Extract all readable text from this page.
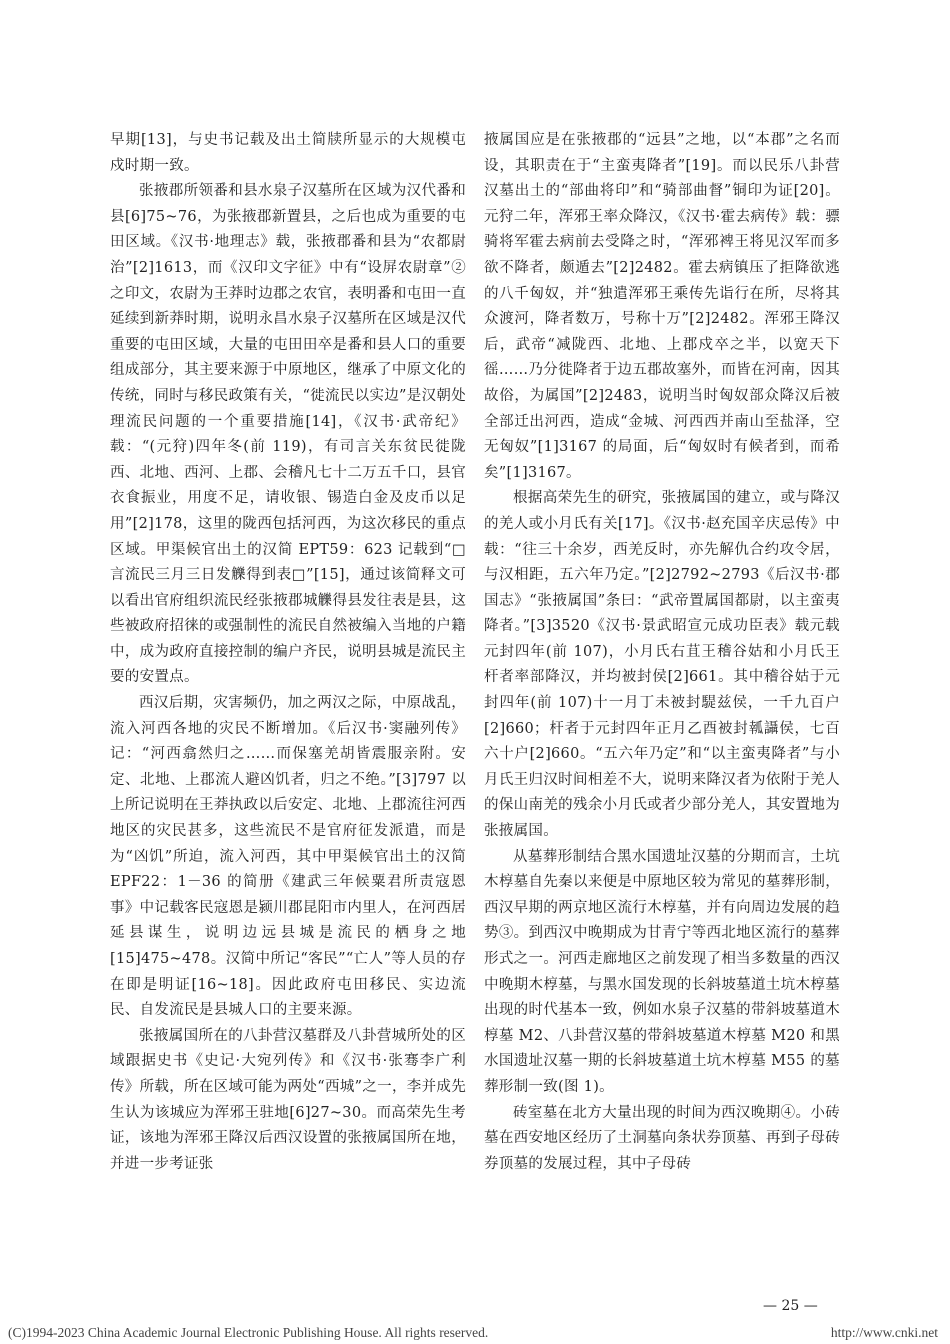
早期[13]，与史书记载及出土简牍所显示的大规模屯戍时期一致。

张掖郡所领番和县水泉子汉墓所在区域为汉代番和县[6]75~76，为张掖郡新置县，之后也成为重要的屯田区域。《汉书·地理志》载，张掖郡番和县为“农都尉治”[2]1613，而《汉印文字征》中有“设屏农尉章”②之印文，农尉为王莽时边郡之农官，表明番和屯田一直延续到新莽时期，说明永昌水泉子汉墓所在区域是汉代重要的屯田区域，大量的屯田田卒是番和县人口的重要组成部分，其主要来源于中原地区，继承了中原文化的传统，同时与移民政策有关，“徙流民以实边”是汉朝处理流民问题的一个重要措施[14]，《汉书·武帝纪》载：“(元狩)四年冬(前 119)，有司言关东贫民徙陇西、北地、西河、上郡、会稽凡七十二万五千口，县官衣食振业，用度不足，请收银、锡造白金及皮币以足用”[2]178，这里的陇西包括河西，为这次移民的重点区域。甲渠候官出土的汉简 EPT59：623 记载到“□言流民三月三日发觻得到表□”[15]，通过该简释文可以看出官府组织流民经张掖郡城觻得县发往表是县，这些被政府招徕的或强制性的流民自然被编入当地的户籍中，成为政府直接控制的编户齐民，说明县城是流民主要的安置点。

西汉后期，灾害频仍，加之两汉之际，中原战乱，流入河西各地的灾民不断增加。《后汉书·窦融列传》记：“河西翕然归之……而保塞羌胡皆震服亲附。安定、北地、上郡流人避凶饥者，归之不绝。”[3]797 以上所记说明在王莽执政以后安定、北地、上郡流往河西地区的灾民甚多，这些流民不是官府征发派遣，而是为“凶饥”所迫，流入河西，其中甲渠候官出土的汉简 EPF22：1－36 的简册《建武三年候粟君所责寇恩事》中记载客民寇恩是颍川郡昆阳市内里人，在河西居延县谋生，说明边远县城是流民的栖身之地[15]475~478。汉简中所记“客民”“亡人”等人员的存在即是明证[16~18]。因此政府屯田移民、实边流民、自发流民是县城人口的主要来源。

张掖属国所在的八卦营汉墓群及八卦营城所处的区域跟据史书《史记·大宛列传》和《汉书·张骞李广利传》所载，所在区域可能为两处“西城”之一，李并成先生认为该城应为浑邪王驻地[6]27~30。而高荣先生考证，该地为浑邪王降汉后西汉设置的张掖属国所在地，并进一步考证张

掖属国应是在张掖郡的“远县”之地，以“本郡”之名而设，其职责在于“主蛮夷降者”[19]。而以民乐八卦营汉墓出土的“部曲将印”和“骑部曲督”铜印为证[20]。元狩二年，浑邪王率众降汉，《汉书·霍去病传》载：骠骑将军霍去病前去受降之时，“浑邪裨王将见汉军而多欲不降者，颇遁去”[2]2482。霍去病镇压了拒降欲逃的八千匈奴，并“独遣浑邪王乘传先诣行在所，尽将其众渡河，降者数万，号称十万”[2]2482。浑邪王降汉后，武帝“减陇西、北地、上郡戍卒之半，以宽天下徭……乃分徙降者于边五郡故塞外，而皆在河南，因其故俗，为属国”[2]2483，说明当时匈奴部众降汉后被全部迁出河西，造成“金城、河西西并南山至盐泽，空无匈奴”[1]3167 的局面，后“匈奴时有候者到，而希矣”[1]3167。

根据高荣先生的研究，张掖属国的建立，或与降汉的羌人或小月氏有关[17]。《汉书·赵充国辛庆忌传》中载：“往三十余岁，西羌反时，亦先解仇合约攻令居，与汉相距，五六年乃定。”[2]2792~2793《后汉书·郡国志》“张掖属国”条曰：“武帝置属国都尉，以主蛮夷降者。”[3]3520《汉书·景武昭宣元成功臣表》载元载元封四年(前 107)，小月氏右苴王稽谷姑和小月氏王杆者率部降汉，并均被封侯[2]661。其中稽谷姑于元封四年(前 107)十一月丁未被封騠兹侯，一千九百户[2]660；杆者于元封四年正月乙酉被封瓡讘侯，七百六十户[2]660。“五六年乃定”和“以主蛮夷降者”与小月氏王归汉时间相差不大，说明来降汉者为依附于羌人的保山南羌的残余小月氏或者少部分羌人，其安置地为张掖属国。

从墓葬形制结合黑水国遗址汉墓的分期而言，土坑木椁墓自先秦以来便是中原地区较为常见的墓葬形制，西汉早期的两京地区流行木椁墓，并有向周边发展的趋势③。到西汉中晚期成为甘青宁等西北地区流行的墓葬形式之一。河西走廊地区之前发现了相当多数量的西汉中晚期木椁墓，与黑水国发现的长斜坡墓道土坑木椁墓出现的时代基本一致，例如水泉子汉墓的带斜坡墓道木椁墓 M2、八卦营汉墓的带斜坡墓道木椁墓 M20 和黑水国遗址汉墓一期的长斜坡墓道土坑木椁墓 M55 的墓葬形制一致(图 1)。

砖室墓在北方大量出现的时间为西汉晚期④。小砖墓在西安地区经历了土洞墓向条状券顶墓、再到子母砖券顶墓的发展过程，其中子母砖

— 25 —
(C)1994-2023 China Academic Journal Electronic Publishing House. All rights reserved.	http://www.cnki.net
